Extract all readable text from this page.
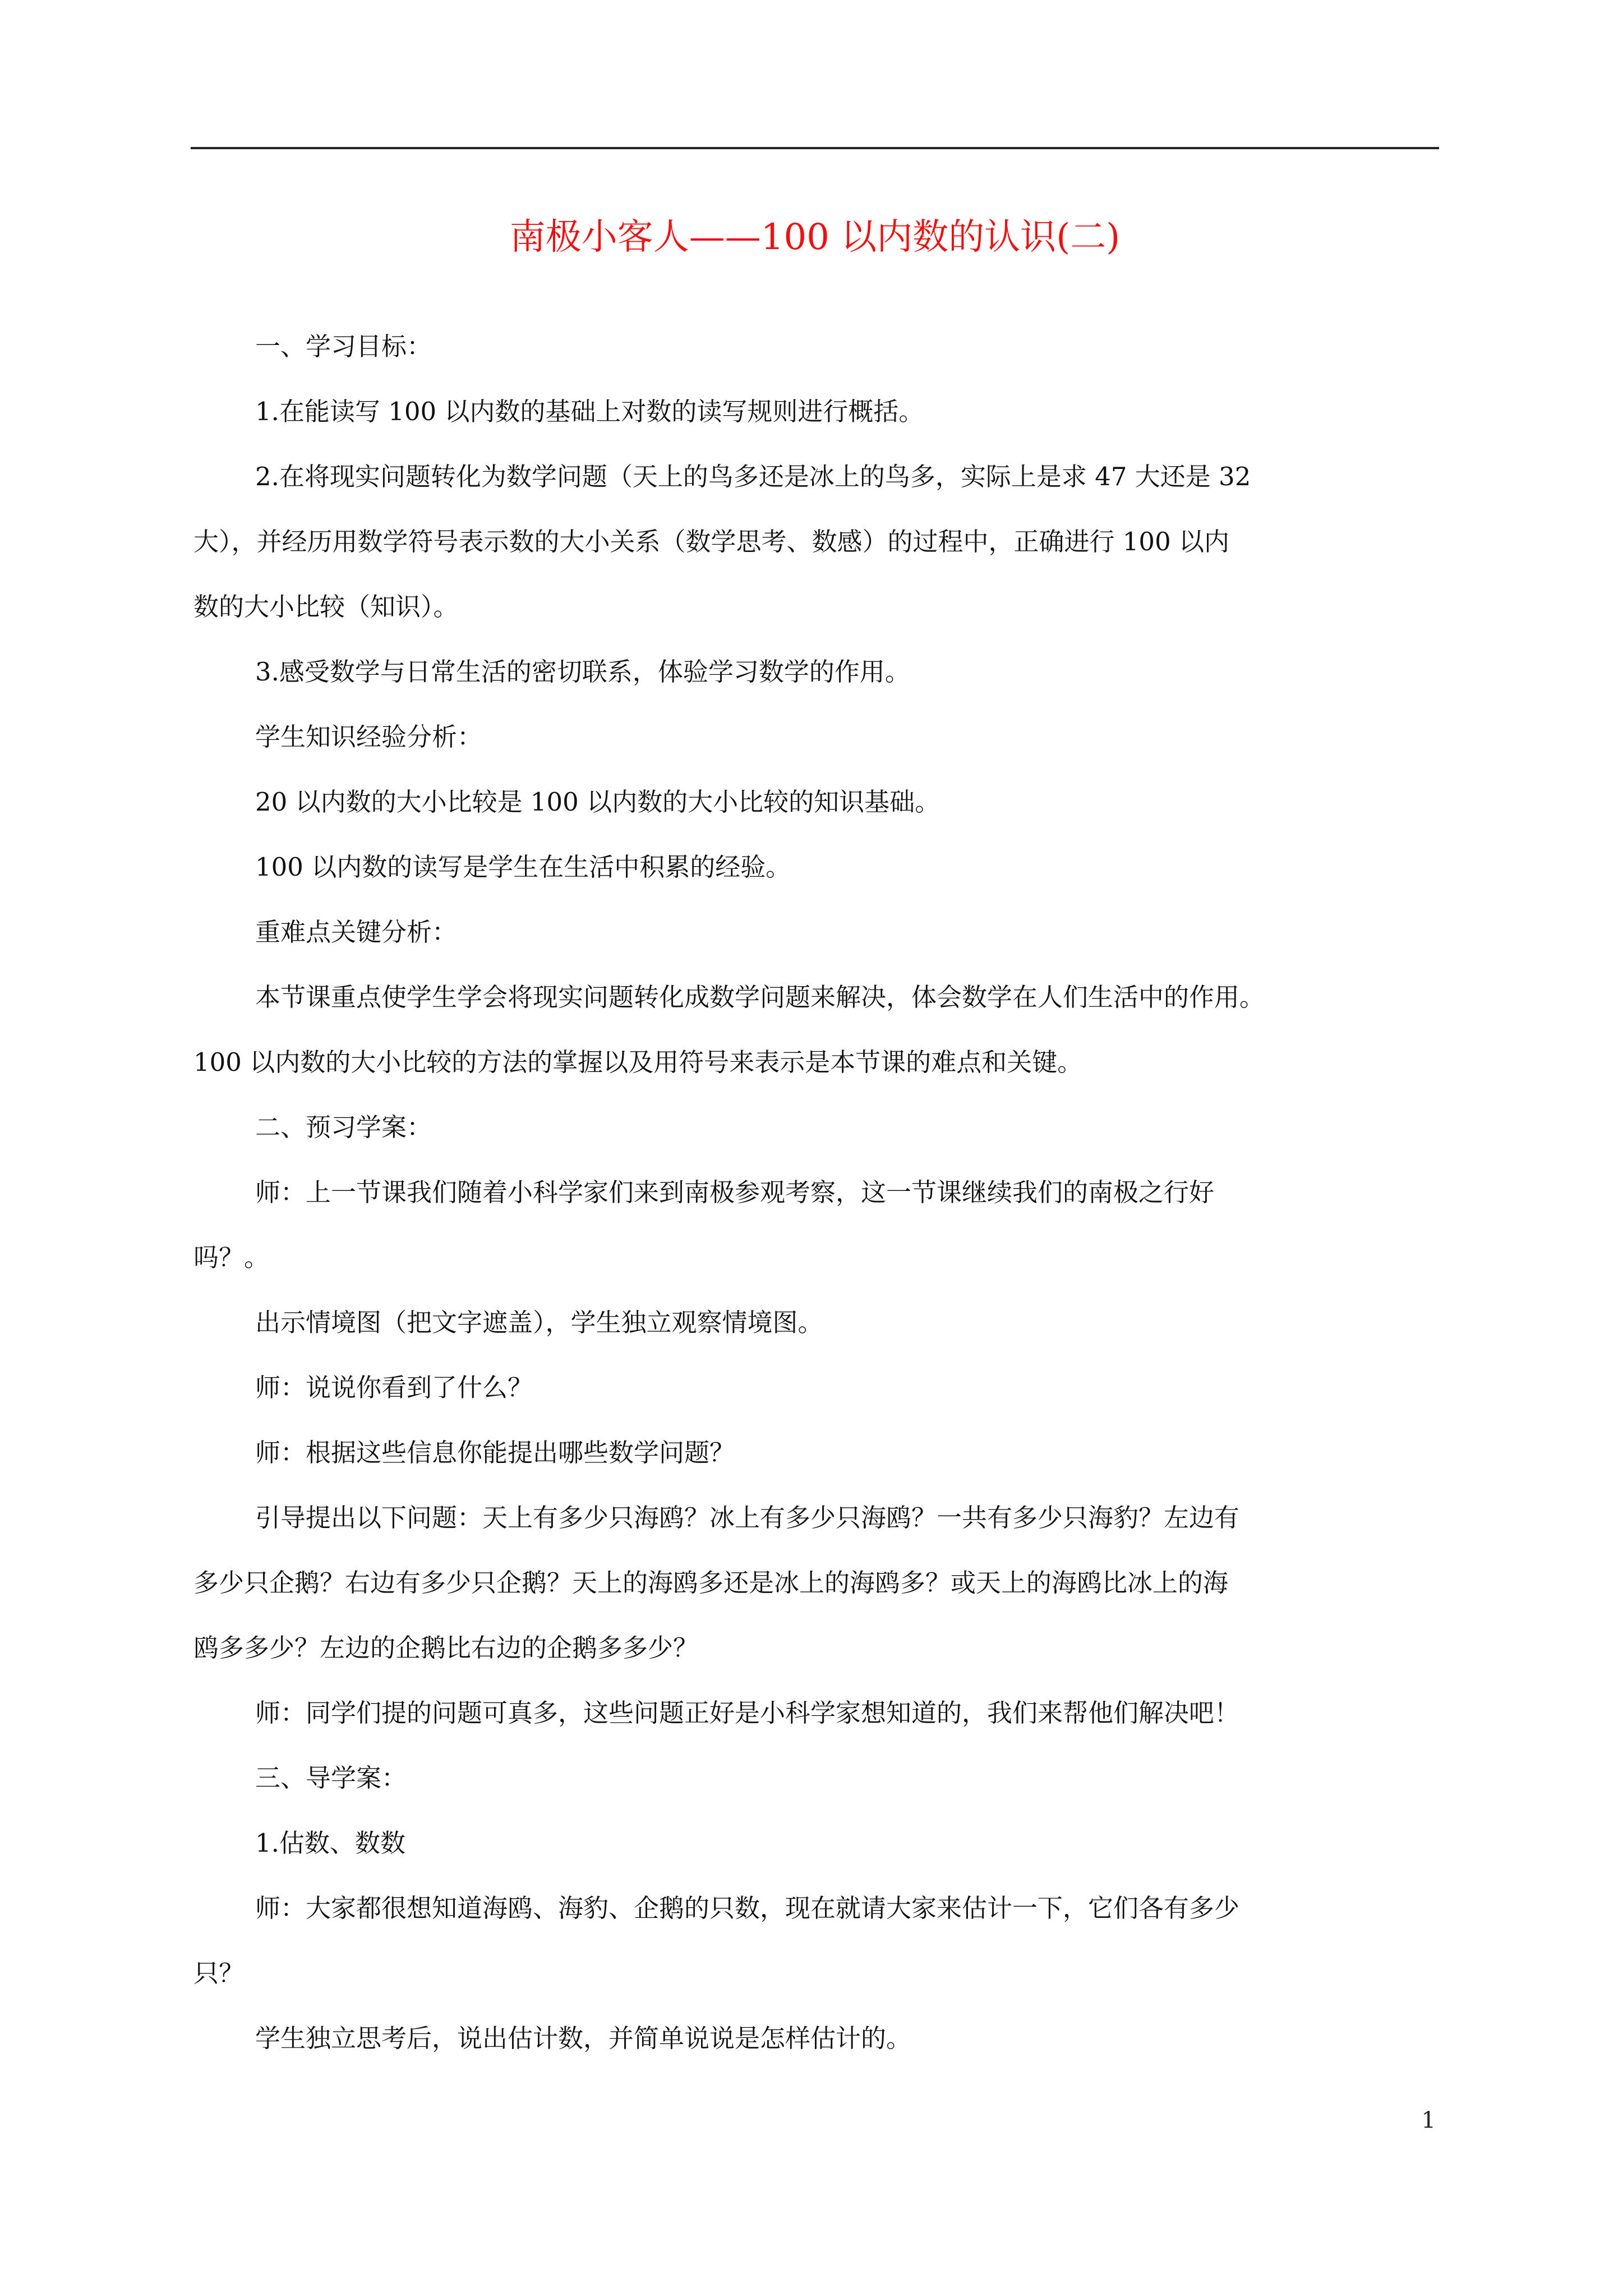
南极小客人——100 以内数的认识(二)

一、学习目标：

1.在能读写 100 以内数的基础上对数的读写规则进行概括。

2.在将现实问题转化为数学问题（天上的鸟多还是冰上的鸟多，实际上是求 47 大还是 32

大），并经历用数学符号表示数的大小关系（数学思考、数感）的过程中，正确进行 100 以内

数的大小比较（知识）。

3.感受数学与日常生活的密切联系，体验学习数学的作用。

学生知识经验分析：

20 以内数的大小比较是 100 以内数的大小比较的知识基础。

100 以内数的读写是学生在生活中积累的经验。

重难点关键分析：

本节课重点使学生学会将现实问题转化成数学问题来解决，体会数学在人们生活中的作用。

100 以内数的大小比较的方法的掌握以及用符号来表示是本节课的难点和关键。

二、预习学案：

师：上一节课我们随着小科学家们来到南极参观考察，这一节课继续我们的南极之行好

吗？。

出示情境图（把文字遮盖），学生独立观察情境图。

师：说说你看到了什么？

师：根据这些信息你能提出哪些数学问题？

引导提出以下问题：天上有多少只海鸥？冰上有多少只海鸥？一共有多少只海豹？左边有

多少只企鹅？右边有多少只企鹅？天上的海鸥多还是冰上的海鸥多？或天上的海鸥比冰上的海

鸥多多少？左边的企鹅比右边的企鹅多多少？

师：同学们提的问题可真多，这些问题正好是小科学家想知道的，我们来帮他们解决吧！

三、导学案：

1.估数、数数

师：大家都很想知道海鸥、海豹、企鹅的只数，现在就请大家来估计一下，它们各有多少

只？

学生独立思考后，说出估计数，并简单说说是怎样估计的。

1
